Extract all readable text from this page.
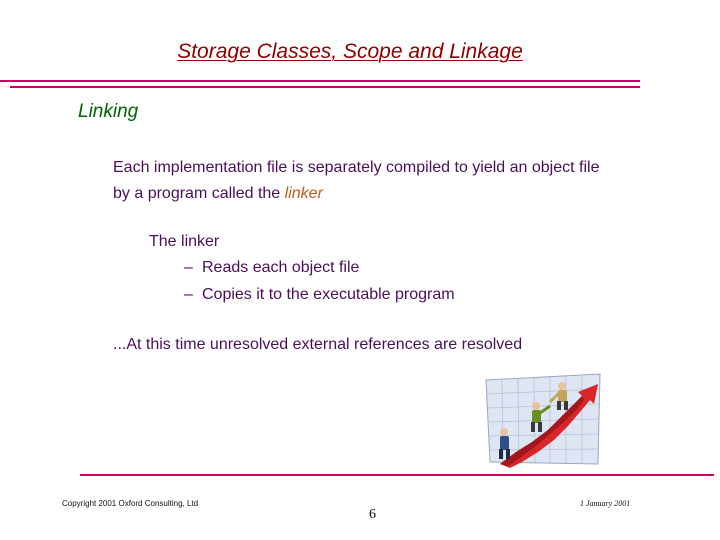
Storage Classes, Scope and Linkage
Linking
Each implementation file is separately compiled to yield an object file
by a program called the linker
The linker
– Reads each object file
– Copies it to the executable program
...At this time unresolved external references are resolved
Copyright 2001 Oxford Consulting, Ltd	1 January 2001
6
